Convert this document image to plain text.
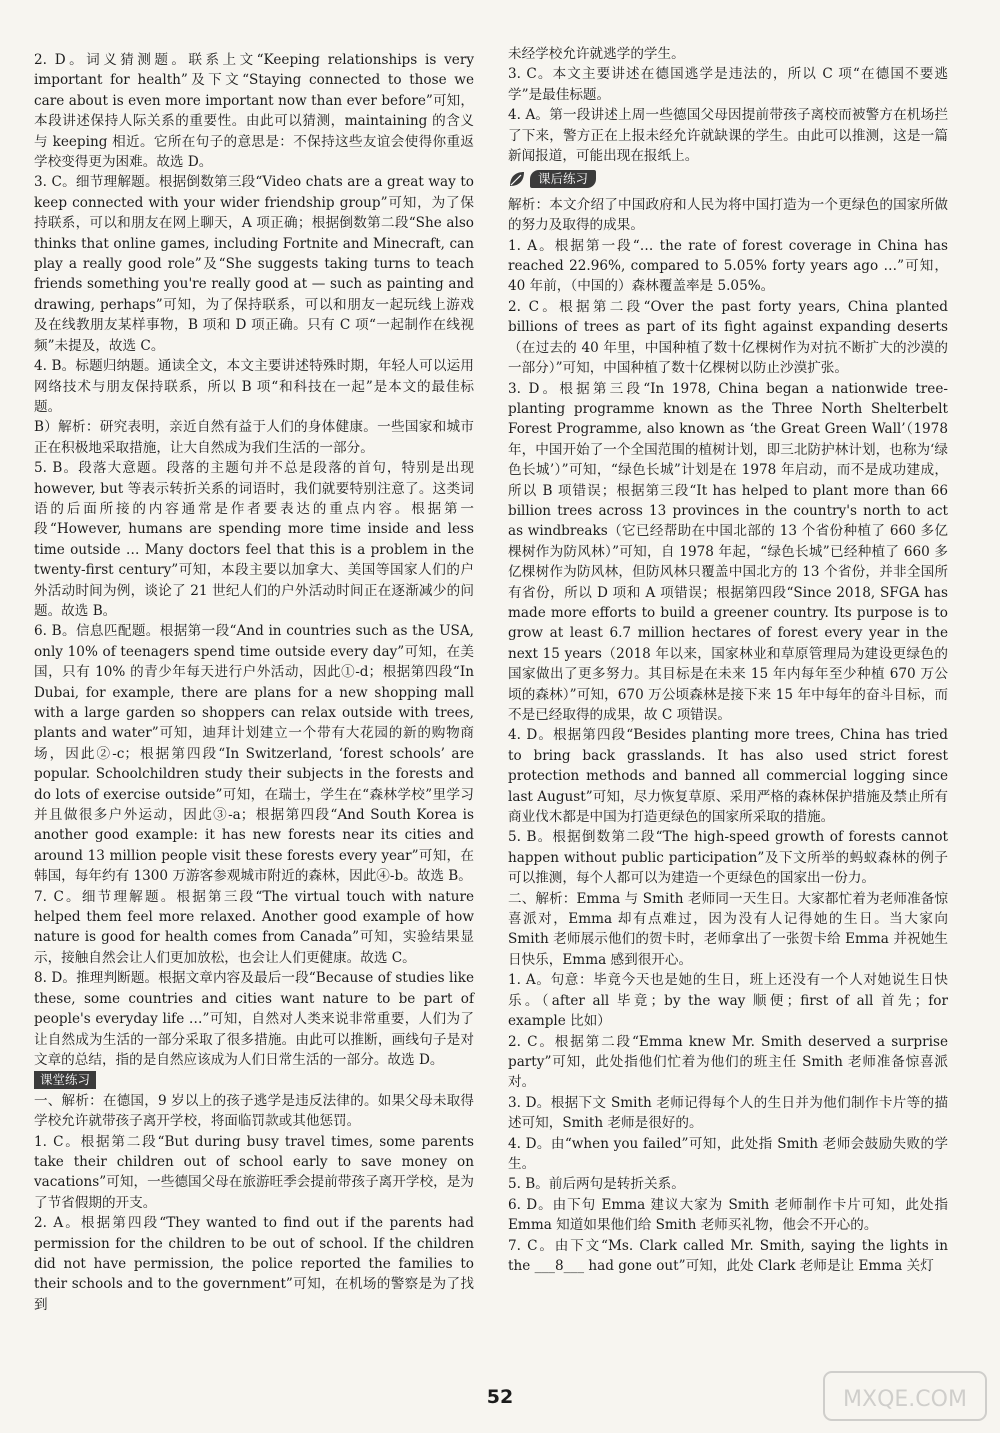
2. D。词义猜测题。联系上文“Keeping relationships is very important for health”及下文“Staying connected to those we care about is even more important now than ever before”可知，本段讲述保持人际关系的重要性。由此可以猜测，maintaining 的含义与 keeping 相近。它所在句子的意思是：不保持这些友谊会使得你重返学校变得更为困难。故选 D。

3. C。细节理解题。根据倒数第三段“Video chats are a great way to keep connected with your wider friendship group”可知，为了保持联系，可以和朋友在网上聊天，A 项正确；根据倒数第二段“She also thinks that online games, including Fortnite and Minecraft, can play a really good role”及“She suggests taking turns to teach friends something you're really good at — such as painting and drawing, perhaps”可知，为了保持联系，可以和朋友一起玩线上游戏及在线教朋友某样事物，B 项和 D 项正确。只有 C 项“一起制作在线视频”未提及，故选 C。

4. B。标题归纳题。通读全文，本文主要讲述特殊时期，年轻人可以运用网络技术与朋友保持联系，所以 B 项“和科技在一起”是本文的最佳标题。

B）解析：研究表明，亲近自然有益于人们的身体健康。一些国家和城市正在积极地采取措施，让大自然成为我们生活的一部分。

5. B。段落大意题。段落的主题句并不总是段落的首句，特别是出现 however, but 等表示转折关系的词语时，我们就要特别注意了。这类词语的后面所接的内容通常是作者要表达的重点内容。根据第一段“However, humans are spending more time inside and less time outside … Many doctors feel that this is a problem in the twenty-first century”可知，本段主要以加拿大、美国等国家人们的户外活动时间为例，谈论了 21 世纪人们的户外活动时间正在逐渐减少的问题。故选 B。

6. B。信息匹配题。根据第一段“And in countries such as the USA, only 10% of teenagers spend time outside every day”可知，在美国，只有 10% 的青少年每天进行户外活动，因此①-d；根据第四段“In Dubai, for example, there are plans for a new shopping mall with a large garden so shoppers can relax outside with trees, plants and water”可知，迪拜计划建立一个带有大花园的新的购物商场，因此②-c；根据第四段“In Switzerland, ‘forest schools’ are popular. Schoolchildren study their subjects in the forests and do lots of exercise outside”可知，在瑞士，学生在“森林学校”里学习并且做很多户外运动，因此③-a；根据第四段“And South Korea is another good example: it has new forests near its cities and around 13 million people visit these forests every year”可知，在韩国，每年约有 1300 万游客参观城市附近的森林，因此④-b。故选 B。

7. C。细节理解题。根据第三段“The virtual touch with nature helped them feel more relaxed. Another good example of how nature is good for health comes from Canada”可知，实验结果显示，接触自然会让人们更加放松，也会让人们更健康。故选 C。

8. D。推理判断题。根据文章内容及最后一段“Because of studies like these, some countries and cities want nature to be part of people's everyday life …”可知，自然对人类来说非常重要，人们为了让自然成为生活的一部分采取了很多措施。由此可以推断，画线句子是对文章的总结，指的是自然应该成为人们日常生活的一部分。故选 D。

课堂练习

一、解析：在德国，9 岁以上的孩子逃学是违反法律的。如果父母未取得学校允许就带孩子离开学校，将面临罚款或其他惩罚。

1. C。根据第二段“But during busy travel times, some parents take their children out of school early to save money on vacations”可知，一些德国父母在旅游旺季会提前带孩子离开学校，是为了节省假期的开支。

2. A。根据第四段“They wanted to find out if the parents had permission for the children to be out of school. If the children did not have permission, the police reported the families to their schools and to the government”可知，在机场的警察是为了找到

未经学校允许就逃学的学生。

3. C。本文主要讲述在德国逃学是违法的，所以 C 项“在德国不要逃学”是最佳标题。

4. A。第一段讲述上周一些德国父母因提前带孩子离校而被警方在机场拦了下来，警方正在上报未经允许就缺课的学生。由此可以推测，这是一篇新闻报道，可能出现在报纸上。

课后练习

解析：本文介绍了中国政府和人民为将中国打造为一个更绿色的国家所做的努力及取得的成果。

1. A。根据第一段“… the rate of forest coverage in China has reached 22.96%, compared to 5.05% forty years ago …”可知，40 年前，（中国的）森林覆盖率是 5.05%。

2. C。根据第二段“Over the past forty years, China planted billions of trees as part of its fight against expanding deserts（在过去的 40 年里，中国种植了数十亿棵树作为对抗不断扩大的沙漠的一部分）”可知，中国种植了数十亿棵树以防止沙漠扩张。

3. D。根据第三段“In 1978, China began a nationwide tree-planting programme known as the Three North Shelterbelt Forest Programme, also known as ‘the Great Green Wall’（1978 年，中国开始了一个全国范围的植树计划，即三北防护林计划，也称为‘绿色长城’）”可知，“绿色长城”计划是在 1978 年启动，而不是成功建成，所以 B 项错误；根据第三段“It has helped to plant more than 66 billion trees across 13 provinces in the country's north to act as windbreaks（它已经帮助在中国北部的 13 个省份种植了 660 多亿棵树作为防风林）”可知，自 1978 年起，“绿色长城”已经种植了 660 多亿棵树作为防风林，但防风林只覆盖中国北方的 13 个省份，并非全国所有省份，所以 D 项和 A 项错误；根据第四段“Since 2018, SFGA has made more efforts to build a greener country. Its purpose is to grow at least 6.7 million hectares of forest every year in the next 15 years（2018 年以来，国家林业和草原管理局为建设更绿色的国家做出了更多努力。其目标是在未来 15 年内每年至少种植 670 万公顷的森林）”可知，670 万公顷森林是接下来 15 年中每年的奋斗目标，而不是已经取得的成果，故 C 项错误。

4. D。根据第四段“Besides planting more trees, China has tried to bring back grasslands. It has also used strict forest protection methods and banned all commercial logging since last August”可知，尽力恢复草原、采用严格的森林保护措施及禁止所有商业伐木都是中国为打造更绿色的国家所采取的措施。

5. B。根据倒数第二段“The high-speed growth of forests cannot happen without public participation”及下文所举的蚂蚁森林的例子可以推测，每个人都可以为建造一个更绿色的国家出一份力。

二、解析：Emma 与 Smith 老师同一天生日。大家都忙着为老师准备惊喜派对，Emma 却有点难过，因为没有人记得她的生日。当大家向 Smith 老师展示他们的贺卡时，老师拿出了一张贺卡给 Emma 并祝她生日快乐，Emma 感到很开心。

1. A。句意：毕竟今天也是她的生日，班上还没有一个人对她说生日快乐。（after all 毕竟；by the way 顺便；first of all 首先；for example 比如）

2. C。根据第二段“Emma knew Mr. Smith deserved a surprise party”可知，此处指他们忙着为他们的班主任 Smith 老师准备惊喜派对。

3. D。根据下文 Smith 老师记得每个人的生日并为他们制作卡片等的描述可知，Smith 老师是很好的。

4. D。由“when you failed”可知，此处指 Smith 老师会鼓励失败的学生。

5. B。前后两句是转折关系。

6. D。由下句 Emma 建议大家为 Smith 老师制作卡片可知，此处指 Emma 知道如果他们给 Smith 老师买礼物，他会不开心的。

7. C。由下文“Ms. Clark called Mr. Smith, saying the lights in the ___8___ had gone out”可知，此处 Clark 老师是让 Emma 关灯

52	MXQE.COM
